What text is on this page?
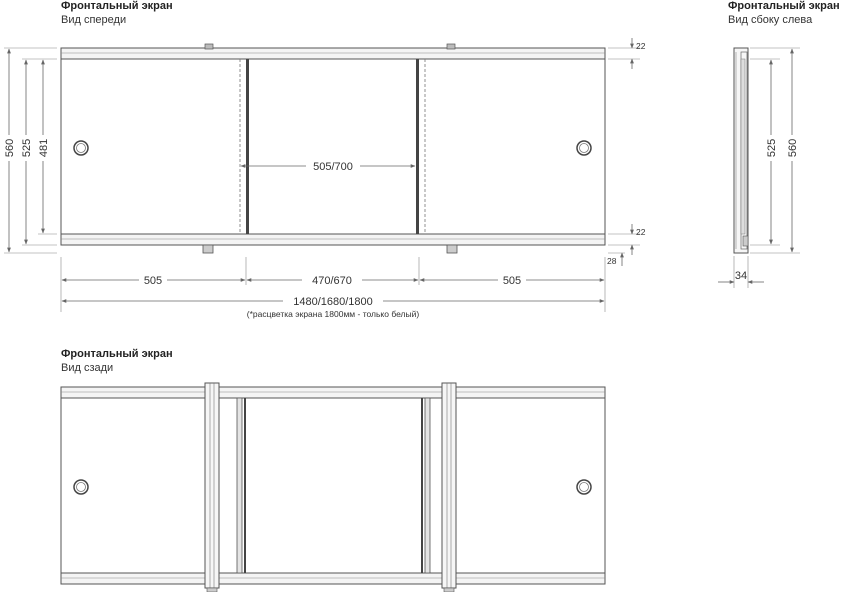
Фронтальный экран
Вид спереди
Фронтальный экран
Вид сбоку слева
Фронтальный экран
Вид сзади
560 525 481
22
22
28
505/700
505	470/670	505
1480/1680/1800
(*расцветка экрана 1800мм - только белый)
525 560
34
